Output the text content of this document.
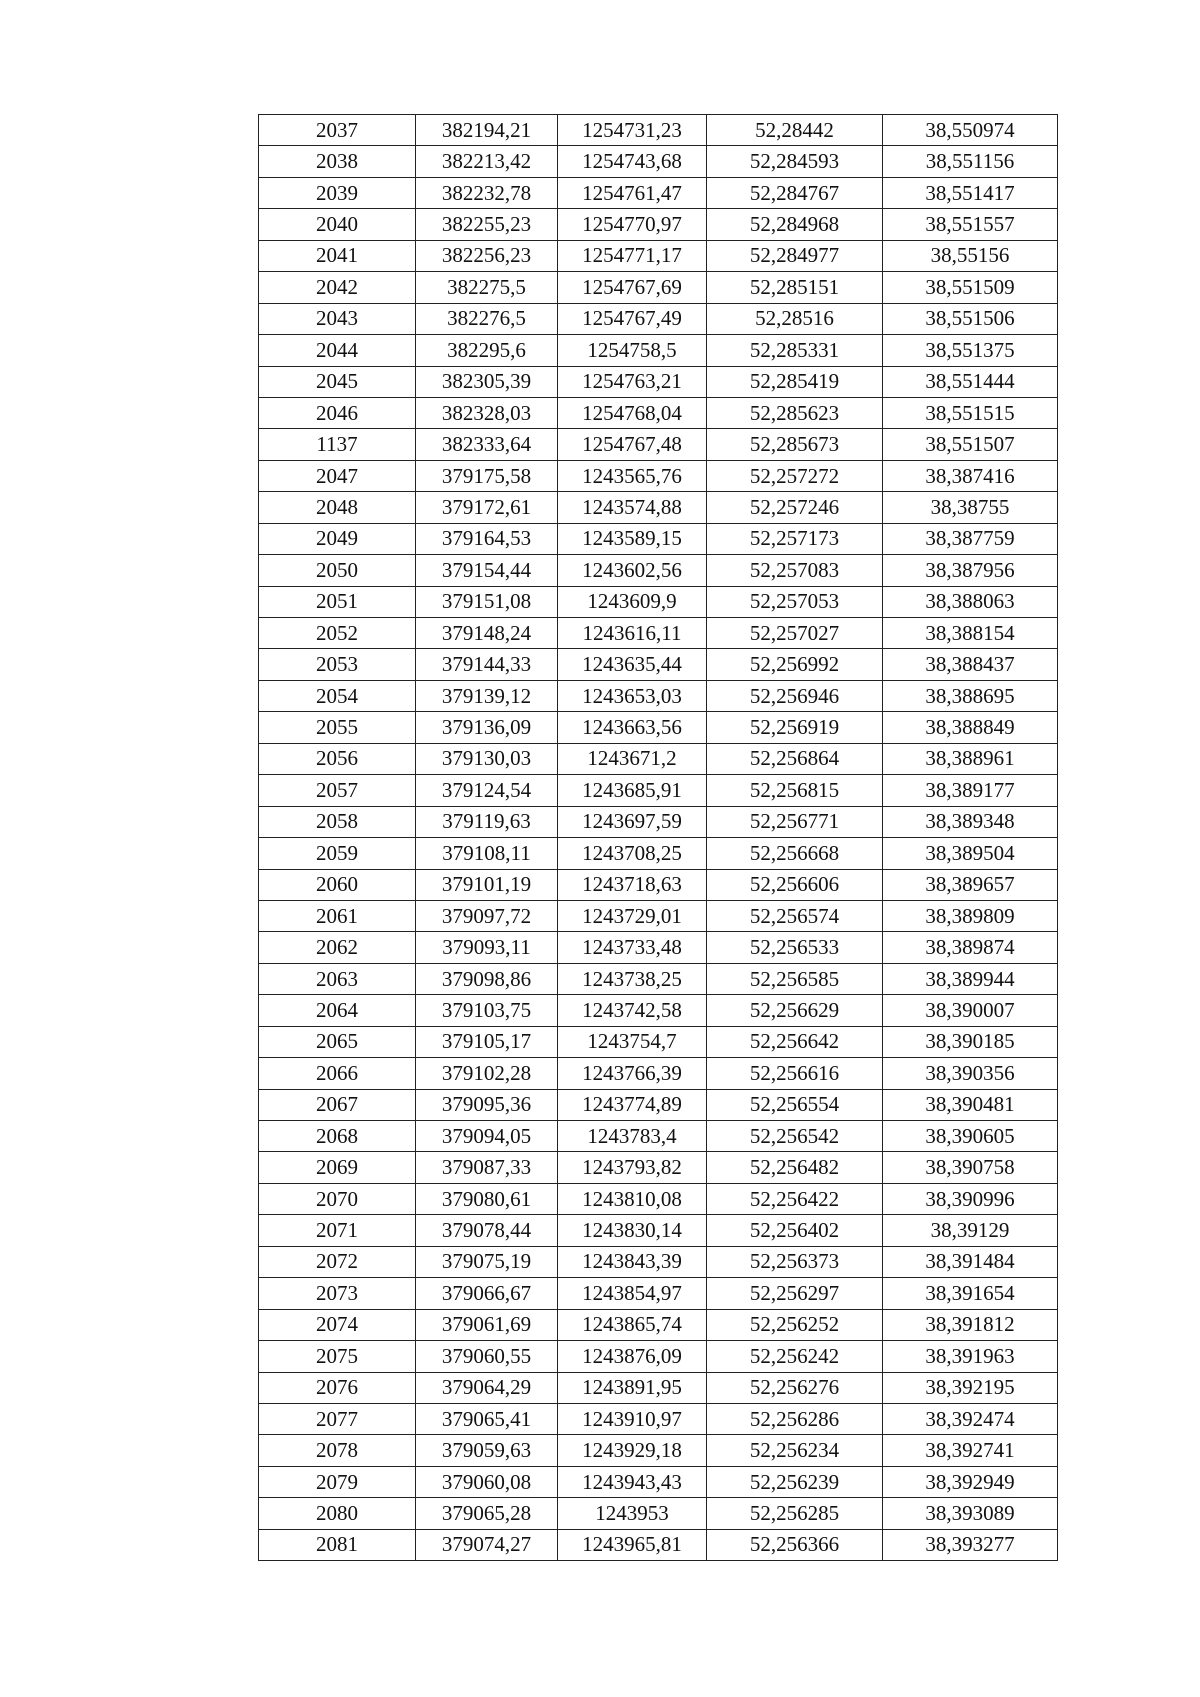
2037	382194,21	1254731,23	52,28442	38,550974
2038	382213,42	1254743,68	52,284593	38,551156
2039	382232,78	1254761,47	52,284767	38,551417
2040	382255,23	1254770,97	52,284968	38,551557
2041	382256,23	1254771,17	52,284977	38,55156
2042	382275,5	1254767,69	52,285151	38,551509
2043	382276,5	1254767,49	52,28516	38,551506
2044	382295,6	1254758,5	52,285331	38,551375
2045	382305,39	1254763,21	52,285419	38,551444
2046	382328,03	1254768,04	52,285623	38,551515
1137	382333,64	1254767,48	52,285673	38,551507
2047	379175,58	1243565,76	52,257272	38,387416
2048	379172,61	1243574,88	52,257246	38,38755
2049	379164,53	1243589,15	52,257173	38,387759
2050	379154,44	1243602,56	52,257083	38,387956
2051	379151,08	1243609,9	52,257053	38,388063
2052	379148,24	1243616,11	52,257027	38,388154
2053	379144,33	1243635,44	52,256992	38,388437
2054	379139,12	1243653,03	52,256946	38,388695
2055	379136,09	1243663,56	52,256919	38,388849
2056	379130,03	1243671,2	52,256864	38,388961
2057	379124,54	1243685,91	52,256815	38,389177
2058	379119,63	1243697,59	52,256771	38,389348
2059	379108,11	1243708,25	52,256668	38,389504
2060	379101,19	1243718,63	52,256606	38,389657
2061	379097,72	1243729,01	52,256574	38,389809
2062	379093,11	1243733,48	52,256533	38,389874
2063	379098,86	1243738,25	52,256585	38,389944
2064	379103,75	1243742,58	52,256629	38,390007
2065	379105,17	1243754,7	52,256642	38,390185
2066	379102,28	1243766,39	52,256616	38,390356
2067	379095,36	1243774,89	52,256554	38,390481
2068	379094,05	1243783,4	52,256542	38,390605
2069	379087,33	1243793,82	52,256482	38,390758
2070	379080,61	1243810,08	52,256422	38,390996
2071	379078,44	1243830,14	52,256402	38,39129
2072	379075,19	1243843,39	52,256373	38,391484
2073	379066,67	1243854,97	52,256297	38,391654
2074	379061,69	1243865,74	52,256252	38,391812
2075	379060,55	1243876,09	52,256242	38,391963
2076	379064,29	1243891,95	52,256276	38,392195
2077	379065,41	1243910,97	52,256286	38,392474
2078	379059,63	1243929,18	52,256234	38,392741
2079	379060,08	1243943,43	52,256239	38,392949
2080	379065,28	1243953	52,256285	38,393089
2081	379074,27	1243965,81	52,256366	38,393277
